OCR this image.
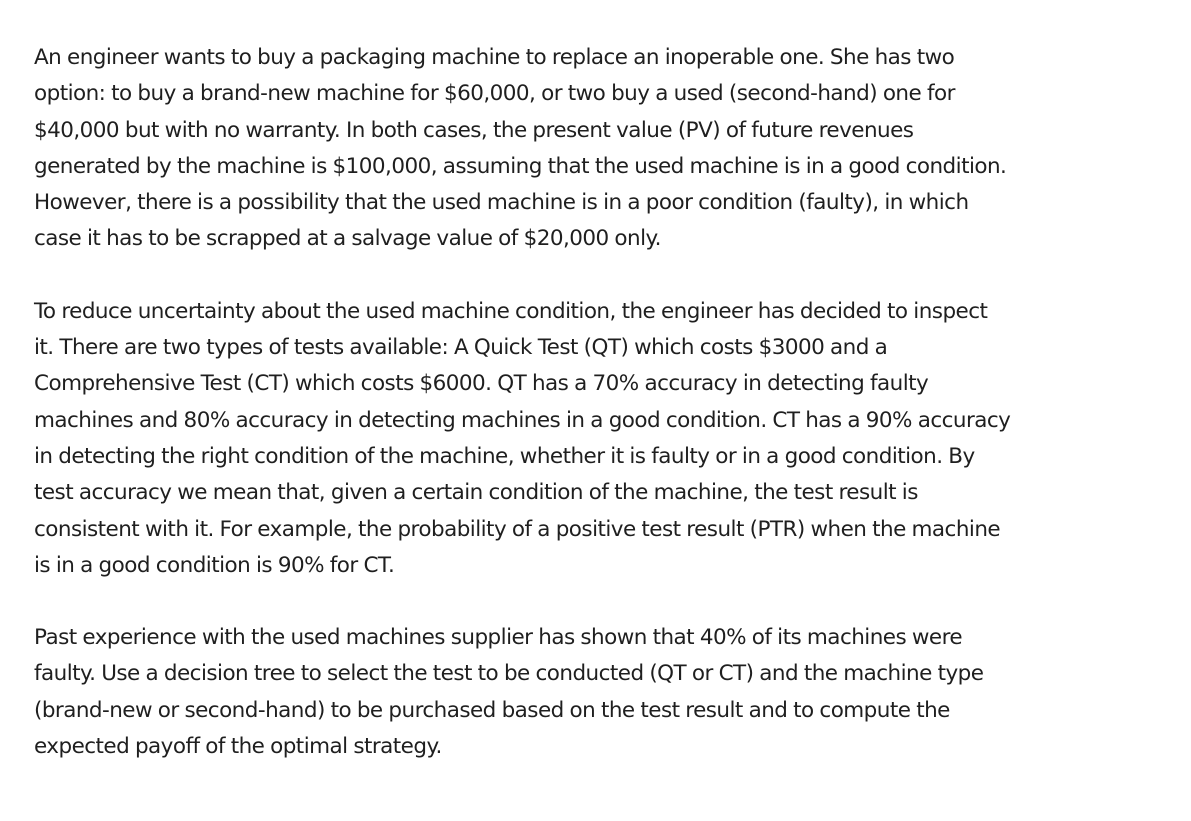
An engineer wants to buy a packaging machine to replace an inoperable one. She has two
option: to buy a brand-new machine for $60,000, or two buy a used (second-hand) one for
$40,000 but with no warranty. In both cases, the present value (PV) of future revenues
generated by the machine is $100,000, assuming that the used machine is in a good condition.
However, there is a possibility that the used machine is in a poor condition (faulty), in which
case it has to be scrapped at a salvage value of $20,000 only.
To reduce uncertainty about the used machine condition, the engineer has decided to inspect
it. There are two types of tests available: A Quick Test (QT) which costs $3000 and a
Comprehensive Test (CT) which costs $6000. QT has a 70% accuracy in detecting faulty
machines and 80% accuracy in detecting machines in a good condition. CT has a 90% accuracy
in detecting the right condition of the machine, whether it is faulty or in a good condition. By
test accuracy we mean that, given a certain condition of the machine, the test result is
consistent with it. For example, the probability of a positive test result (PTR) when the machine
is in a good condition is 90% for CT.
Past experience with the used machines supplier has shown that 40% of its machines were
faulty. Use a decision tree to select the test to be conducted (QT or CT) and the machine type
(brand-new or second-hand) to be purchased based on the test result and to compute the
expected payoff of the optimal strategy.
